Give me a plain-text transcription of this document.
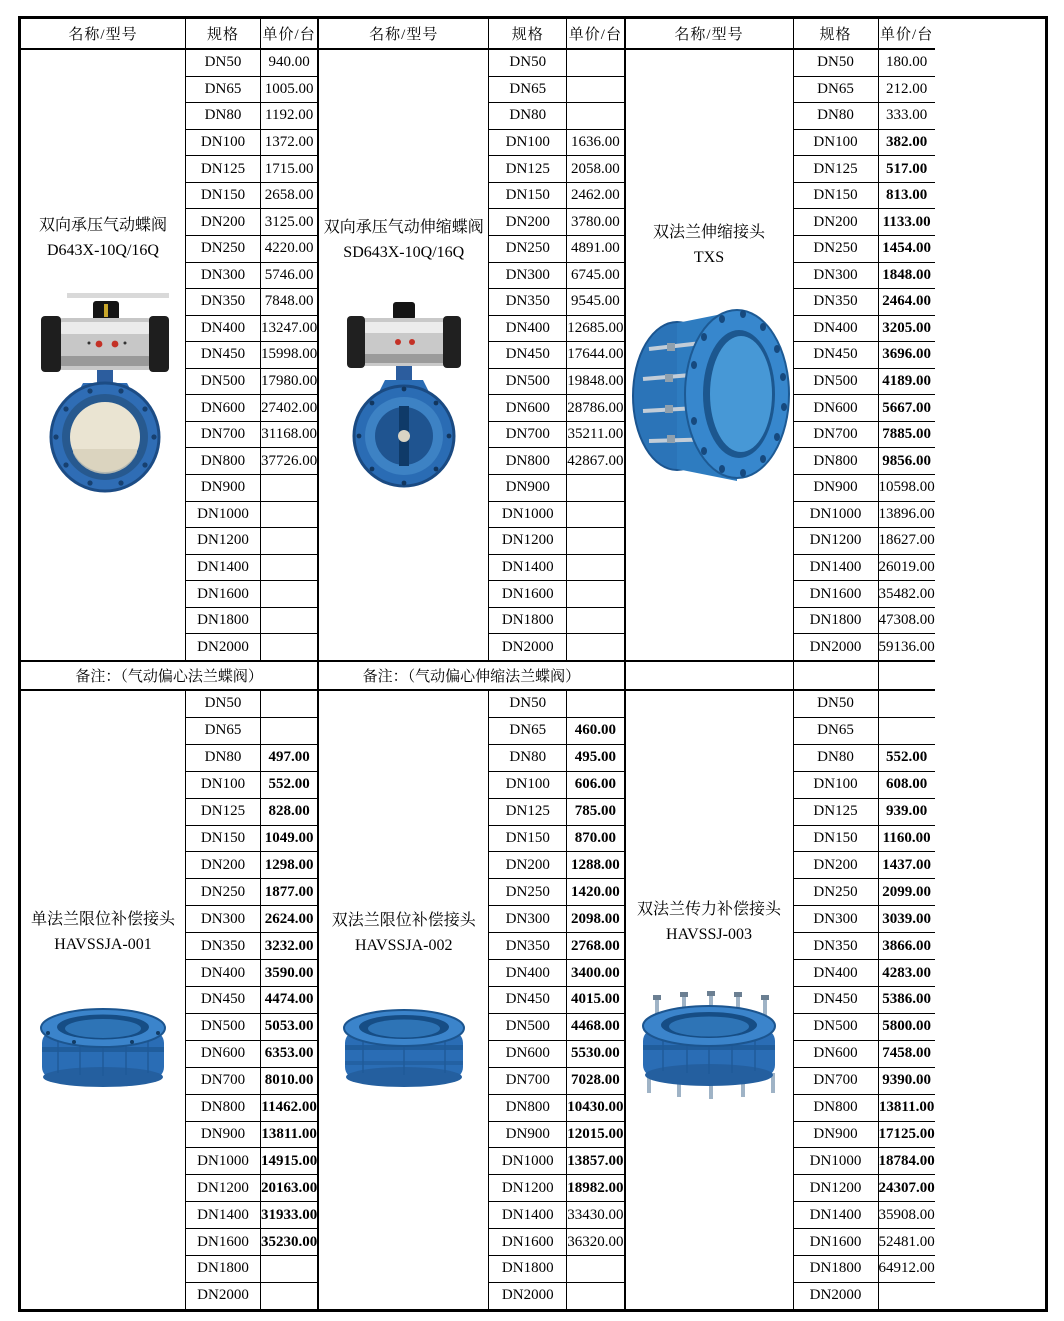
名称/型号	规格	单价/台
双向承压气动蝶阀
D643X-10Q/16Q
DN50	940.00
DN65	1005.00
DN80	1192.00
DN100	1372.00
DN125	1715.00
DN150	2658.00
DN200	3125.00
DN250	4220.00
DN300	5746.00
DN350	7848.00
DN400	13247.00
DN450	15998.00
DN500	17980.00
DN600	27402.00
DN700	31168.00
DN800	37726.00
DN900
DN1000
DN1200
DN1400
DN1600
DN1800
DN2000
备注：（气动偏心法兰蝶阀）
单法兰限位补偿接头
HAVSSJA-001
DN50
DN65
DN80	497.00
DN100	552.00
DN125	828.00
DN150	1049.00
DN200	1298.00
DN250	1877.00
DN300	2624.00
DN350	3232.00
DN400	3590.00
DN450	4474.00
DN500	5053.00
DN600	6353.00
DN700	8010.00
DN800	11462.00
DN900	13811.00
DN1000 14915.00
DN1200 20163.00
DN1400 31933.00
DN1600 35230.00
DN1800
DN2000
名称/型号	规格	单价/台
双向承压气动伸缩蝶阀
SD643X-10Q/16Q
DN50
DN65
DN80
DN100	1636.00
DN125	2058.00
DN150	2462.00
DN200	3780.00
DN250	4891.00
DN300	6745.00
DN350	9545.00
DN400	12685.00
DN450	17644.00
DN500	19848.00
DN600	28786.00
DN700	35211.00
DN800	42867.00
DN900
DN1000
DN1200
DN1400
DN1600
DN1800
DN2000
备注：（气动偏心伸缩法兰蝶阀）
双法兰限位补偿接头
HAVSSJA-002
DN50
DN65	460.00
DN80	495.00
DN100	606.00
DN125	785.00
DN150	870.00
DN200	1288.00
DN250	1420.00
DN300	2098.00
DN350	2768.00
DN400	3400.00
DN450	4015.00
DN500	4468.00
DN600	5530.00
DN700	7028.00
DN800	10430.00
DN900	12015.00
DN1000 13857.00
DN1200 18982.00
DN1400 33430.00
DN1600 36320.00
DN1800
DN2000
名称/型号	规格	单价/台
双法兰伸缩接头
TXS
DN50	180.00
DN65	212.00
DN80	333.00
DN100	382.00
DN125	517.00
DN150	813.00
DN200	1133.00
DN250	1454.00
DN300	1848.00
DN350	2464.00
DN400	3205.00
DN450	3696.00
DN500	4189.00
DN600	5667.00
DN700	7885.00
DN800	9856.00
DN900	10598.00
DN1000	13896.00
DN1200	18627.00
DN1400	26019.00
DN1600	35482.00
DN1800	47308.00
DN2000	59136.00
双法兰传力补偿接头
HAVSSJ-003
DN50
DN65
DN80	552.00
DN100	608.00
DN125	939.00
DN150	1160.00
DN200	1437.00
DN250	2099.00
DN300	3039.00
DN350	3866.00
DN400	4283.00
DN450	5386.00
DN500	5800.00
DN600	7458.00
DN700	9390.00
DN800	13811.00
DN900	17125.00
DN1000	18784.00
DN1200	24307.00
DN1400	35908.00
DN1600	52481.00
DN1800	64912.00
DN2000
